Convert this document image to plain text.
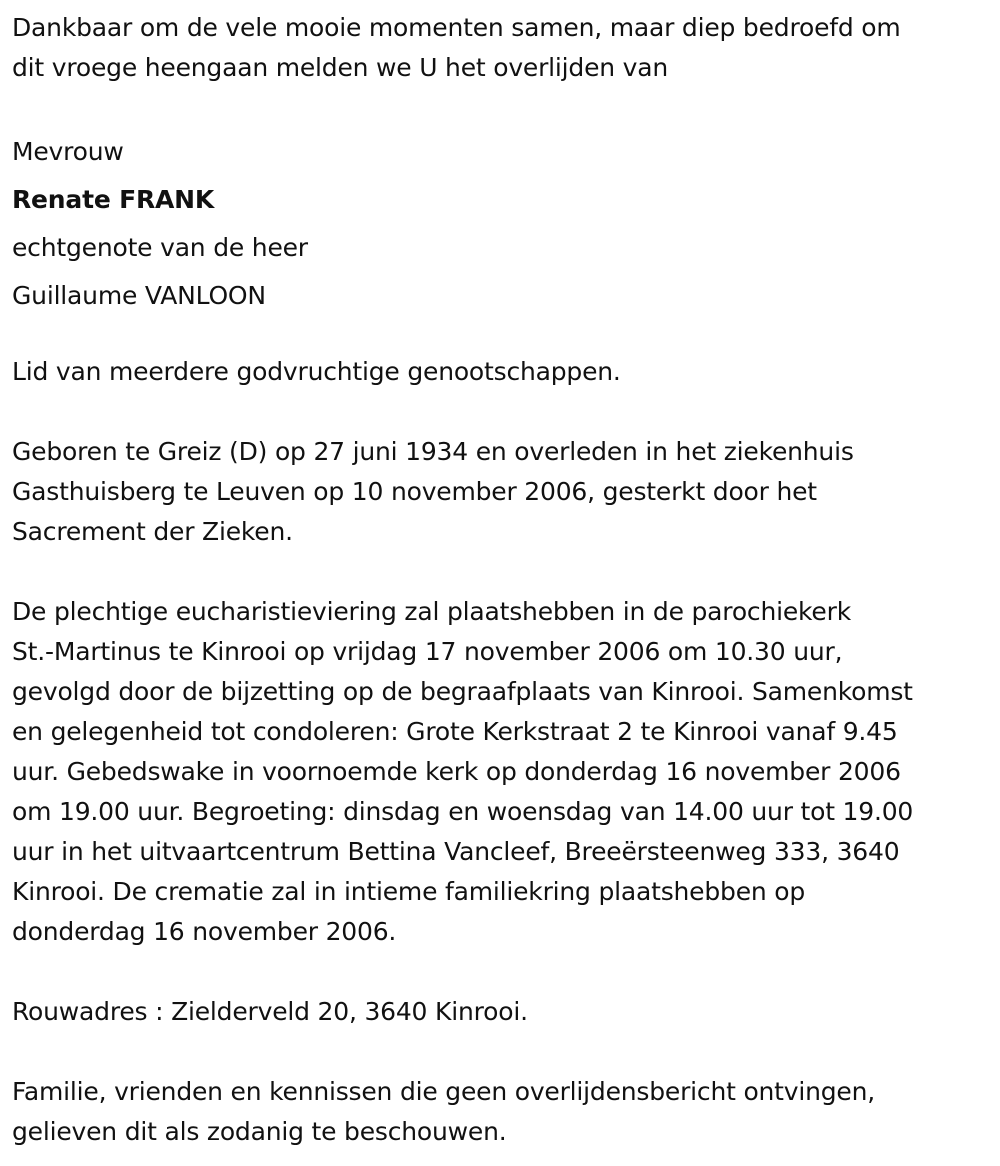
Dankbaar om de vele mooie momenten samen, maar diep bedroefd om
dit vroege heengaan melden we U het overlijden van

Mevrouw
Renate FRANK
echtgenote van de heer
Guillaume VANLOON

Lid van meerdere godvruchtige genootschappen.

Geboren te Greiz (D) op 27 juni 1934 en overleden in het ziekenhuis
Gasthuisberg te Leuven op 10 november 2006, gesterkt door het
Sacrement der Zieken.

De plechtige eucharistieviering zal plaatshebben in de parochiekerk
St.-Martinus te Kinrooi op vrijdag 17 november 2006 om 10.30 uur,
gevolgd door de bijzetting op de begraafplaats van Kinrooi. Samenkomst
en gelegenheid tot condoleren: Grote Kerkstraat 2 te Kinrooi vanaf 9.45
uur. Gebedswake in voornoemde kerk op donderdag 16 november 2006
om 19.00 uur. Begroeting: dinsdag en woensdag van 14.00 uur tot 19.00
uur in het uitvaartcentrum Bettina Vancleef, Breeërsteenweg 333, 3640
Kinrooi. De crematie zal in intieme familiekring plaatshebben op
donderdag 16 november 2006.

Rouwadres : Zielderveld 20, 3640 Kinrooi.

Familie, vrienden en kennissen die geen overlijdensbericht ontvingen,
gelieven dit als zodanig te beschouwen.
